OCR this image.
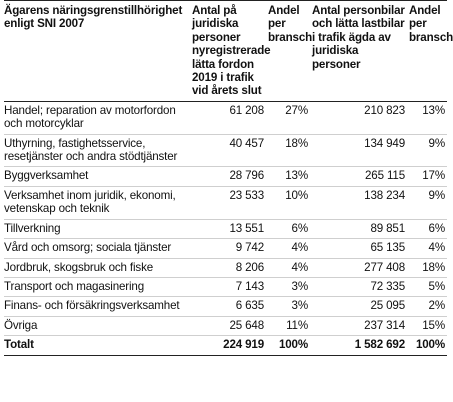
Ägarens näringsgrenstillhörighet enligt SNI 2007	Antal på juridiska personer nyregistrerade lätta fordon 2019 i trafik vid årets slut	Andel per bransch	Antal personbilar och lätta lastbilar i trafik ägda av juridiska personer	Andel per bransch
Handel; reparation av motorfordon och motorcyklar	61 208	27%	210 823	13%
Uthyrning, fastighetsservice, resetjänster och andra stödtjänster	40 457	18%	134 949	9%
Byggverksamhet	28 796	13%	265 115	17%
Verksamhet inom juridik, ekonomi, vetenskap och teknik	23 533	10%	138 234	9%
Tillverkning	13 551	6%	89 851	6%
Vård och omsorg; sociala tjänster	9 742	4%	65 135	4%
Jordbruk, skogsbruk och fiske	8 206	4%	277 408	18%
Transport och magasinering	7 143	3%	72 335	5%
Finans- och försäkringsverksamhet	6 635	3%	25 095	2%
Övriga	25 648	11%	237 314	15%
Totalt	224 919	100%	1 582 692	100%
